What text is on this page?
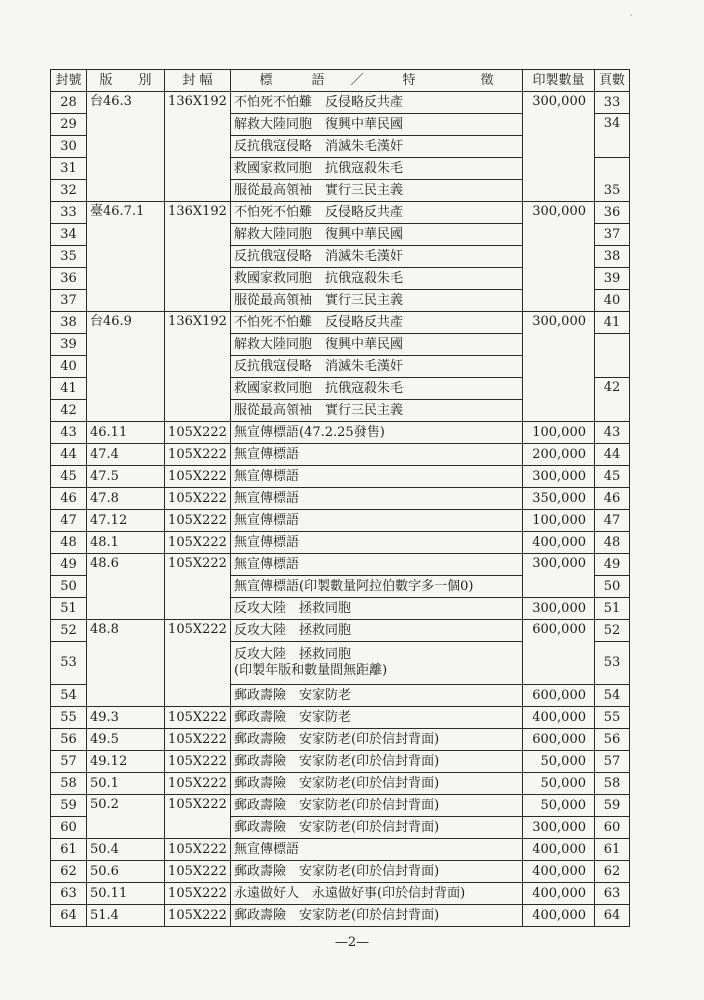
′
封號	版　　別	封 幅	標　　　語　　／　　　特　　　　　徵	印製數量	頁數
28	台46.3	136X192	不怕死不怕難　反侵略反共產	300,000	33
29			解救大陸同胞　復興中華民國		34
30			反抗俄寇侵略　消滅朱毛漢奸		
31			救國家救同胞　抗俄寇殺朱毛		35
32			服從最高領袖　實行三民主義		
33	臺46.7.1	136X192	不怕死不怕難　反侵略反共產	300,000	36
34			解救大陸同胞　復興中華民國		37
35			反抗俄寇侵略　消滅朱毛漢奸		38
36			救國家救同胞　抗俄寇殺朱毛		39
37			服從最高領袖　實行三民主義		40
38	台46.9	136X192	不怕死不怕難　反侵略反共產	300,000	41
39			解救大陸同胞　復興中華民國		
40			反抗俄寇侵略　消滅朱毛漢奸		
41			救國家救同胞　抗俄寇殺朱毛		42
42			服從最高領袖　實行三民主義		
43	46.11	105X222	無宣傳標語(47.2.25發售)	100,000	43
44	47.4	105X222	無宣傳標語	200,000	44
45	47.5	105X222	無宣傳標語	300,000	45
46	47.8	105X222	無宣傳標語	350,000	46
47	47.12	105X222	無宣傳標語	100,000	47
48	48.1	105X222	無宣傳標語	400,000	48
49	48.6	105X222	無宣傳標語	300,000	49
50			無宣傳標語(印製數量阿拉伯數字多一個0)		50
51			反攻大陸　拯救同胞	300,000	51
52	48.8	105X222	反攻大陸　拯救同胞	600,000	52
53			反攻大陸　拯救同胞
(印製年版和數量間無距離)		53
54			郵政壽險　安家防老	600,000	54
55	49.3	105X222	郵政壽險　安家防老	400,000	55
56	49.5	105X222	郵政壽險　安家防老(印於信封背面)	600,000	56
57	49.12	105X222	郵政壽險　安家防老(印於信封背面)	50,000	57
58	50.1	105X222	郵政壽險　安家防老(印於信封背面)	50,000	58
59	50.2	105X222	郵政壽險　安家防老(印於信封背面)	50,000	59
60			郵政壽險　安家防老(印於信封背面)	300,000	60
61	50.4	105X222	無宣傳標語	400,000	61
62	50.6	105X222	郵政壽險　安家防老(印於信封背面)	400,000	62
63	50.11	105X222	永遠做好人　永遠做好事(印於信封背面)	400,000	63
64	51.4	105X222	郵政壽險　安家防老(印於信封背面)	400,000	64
—2—
